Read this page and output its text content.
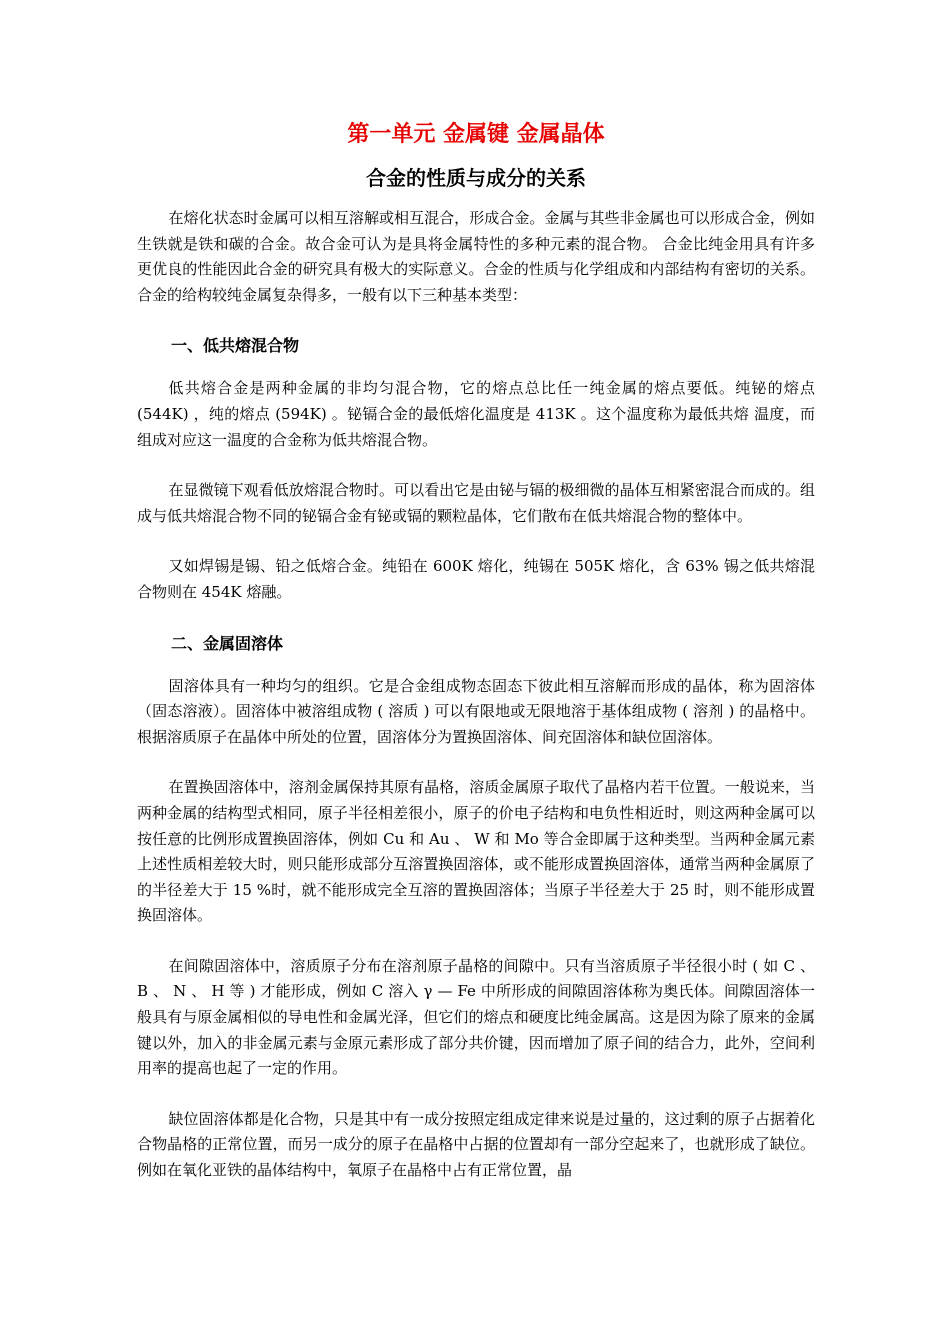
第一单元 金属键 金属晶体
合金的性质与成分的关系

在熔化状态时金属可以相互溶解或相互混合，形成合金。金属与其些非金属也可以形成合金，例如生铁就是铁和碳的合金。故合金可认为是具将金属特性的多种元素的混合物。 合金比纯金用具有许多更优良的性能因此合金的研究具有极大的实际意义。合金的性质与化学组成和内部结构有密切的关系。合金的给构较纯金属复杂得多，一般有以下三种基本类型：

一、低共熔混合物

低共熔合金是两种金属的非均匀混合物，它的熔点总比任一纯金属的熔点要低。纯铋的熔点 (544K) ，纯的熔点 (594K) 。铋镉合金的最低熔化温度是 413K 。这个温度称为最低共熔 温度，而组成对应这一温度的合金称为低共熔混合物。

在显微镜下观看低放熔混合物时。可以看出它是由铋与镉的极细微的晶体互相紧密混合而成的。组成与低共熔混合物不同的铋镉合金有铋或镉的颗粒晶体，它们散布在低共熔混合物的整体中。

又如焊锡是锡、铅之低熔合金。纯铅在 600K 熔化，纯锡在 505K 熔化，含 63% 锡之低共熔混合物则在 454K 熔融。

二、金属固溶体

固溶体具有一种均匀的组织。它是合金组成物态固态下彼此相互溶解而形成的晶体，称为固溶体（固态溶液）。固溶体中被溶组成物 ( 溶质 ) 可以有限地或无限地溶于基体组成物 ( 溶剂 ) 的晶格中。根据溶质原子在晶体中所处的位置，固溶体分为置换固溶体、间充固溶体和缺位固溶体。

在置换固溶体中，溶剂金属保持其原有晶格，溶质金属原子取代了晶格内若干位置。一般说来，当两种金属的结构型式相同，原子半径相差很小，原子的价电子结构和电负性相近时，则这两种金属可以按任意的比例形成置换固溶体，例如 Cu 和 Au 、 W 和 Mo 等合金即属于这种类型。当两种金属元素上述性质相差较大时，则只能形成部分互溶置换固溶体，或不能形成置换固溶体，通常当两种金属原了的半径差大于 15 %时，就不能形成完全互溶的置换固溶体；当原子半径差大于 25 时，则不能形成置换固溶体。

在间隙固溶体中，溶质原子分布在溶剂原子晶格的间隙中。只有当溶质原子半径很小时 ( 如 C 、 B 、 N 、 H 等 ) 才能形成，例如 C 溶入 γ — Fe 中所形成的间隙固溶体称为奥氏体。间隙固溶体一般具有与原金属相似的导电性和金属光泽，但它们的熔点和硬度比纯金属高。这是因为除了原来的金属键以外，加入的非金属元素与金原元素形成了部分共价键，因而增加了原子间的结合力，此外，空间利用率的提高也起了一定的作用。

缺位固溶体都是化合物，只是其中有一成分按照定组成定律来说是过量的，这过剩的原子占据着化合物晶格的正常位置，而另一成分的原子在晶格中占据的位置却有一部分空起来了，也就形成了缺位。例如在氧化亚铁的晶体结构中，氧原子在晶格中占有正常位置，晶
